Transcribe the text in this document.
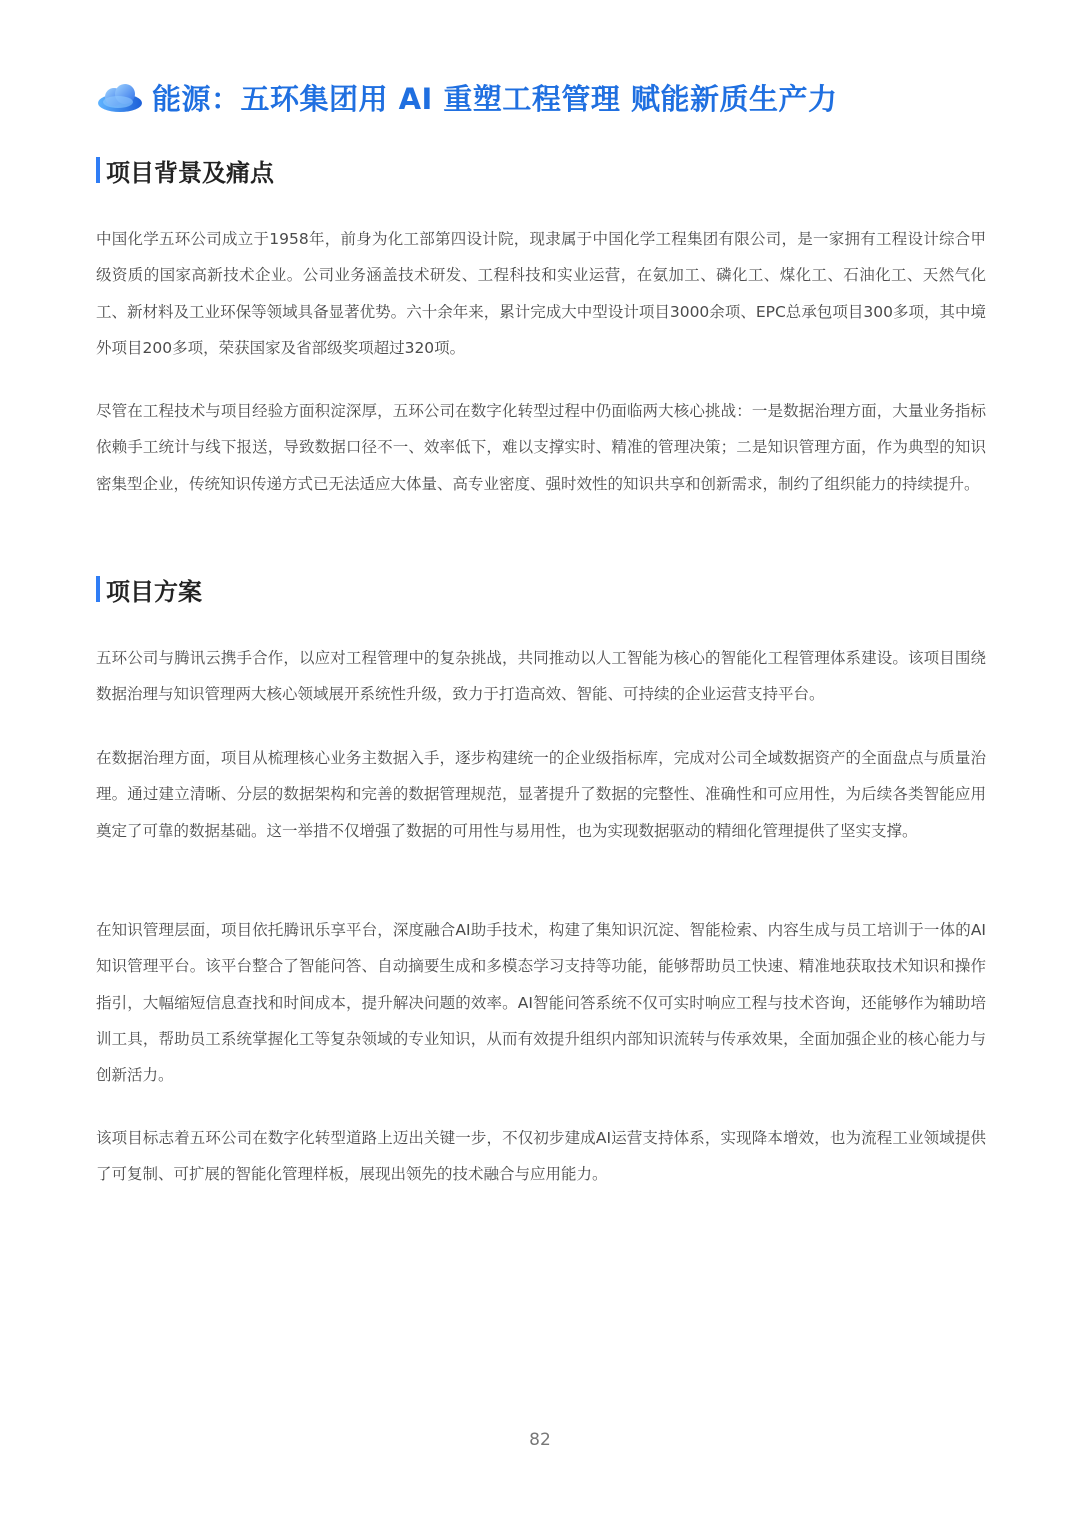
能源：五环集团用 AI 重塑工程管理 赋能新质生产力
项目背景及痛点

中国化学五环公司成立于1958年，前身为化工部第四设计院，现隶属于中国化学工程集团有限公司，是一家拥有工程设计综合甲级资质的国家高新技术企业。公司业务涵盖技术研发、工程科技和实业运营，在氨加工、磷化工、煤化工、石油化工、天然气化工、新材料及工业环保等领域具备显著优势。六十余年来，累计完成大中型设计项目3000余项、EPC总承包项目300多项，其中境外项目200多项，荣获国家及省部级奖项超过320项。

尽管在工程技术与项目经验方面积淀深厚，五环公司在数字化转型过程中仍面临两大核心挑战：一是数据治理方面，大量业务指标依赖手工统计与线下报送，导致数据口径不一、效率低下，难以支撑实时、精准的管理决策；二是知识管理方面，作为典型的知识密集型企业，传统知识传递方式已无法适应大体量、高专业密度、强时效性的知识共享和创新需求，制约了组织能力的持续提升。

项目方案

五环公司与腾讯云携手合作，以应对工程管理中的复杂挑战，共同推动以人工智能为核心的智能化工程管理体系建设。该项目围绕数据治理与知识管理两大核心领域展开系统性升级，致力于打造高效、智能、可持续的企业运营支持平台。

在数据治理方面，项目从梳理核心业务主数据入手，逐步构建统一的企业级指标库，完成对公司全域数据资产的全面盘点与质量治理。通过建立清晰、分层的数据架构和完善的数据管理规范，显著提升了数据的完整性、准确性和可应用性，为后续各类智能应用奠定了可靠的数据基础。这一举措不仅增强了数据的可用性与易用性，也为实现数据驱动的精细化管理提供了坚实支撑。

在知识管理层面，项目依托腾讯乐享平台，深度融合AI助手技术，构建了集知识沉淀、智能检索、内容生成与员工培训于一体的AI知识管理平台。该平台整合了智能问答、自动摘要生成和多模态学习支持等功能，能够帮助员工快速、精准地获取技术知识和操作指引，大幅缩短信息查找和时间成本，提升解决问题的效率。AI智能问答系统不仅可实时响应工程与技术咨询，还能够作为辅助培训工具，帮助员工系统掌握化工等复杂领域的专业知识，从而有效提升组织内部知识流转与传承效果，全面加强企业的核心能力与创新活力。

该项目标志着五环公司在数字化转型道路上迈出关键一步，不仅初步建成AI运营支持体系，实现降本增效，也为流程工业领域提供了可复制、可扩展的智能化管理样板，展现出领先的技术融合与应用能力。

82
